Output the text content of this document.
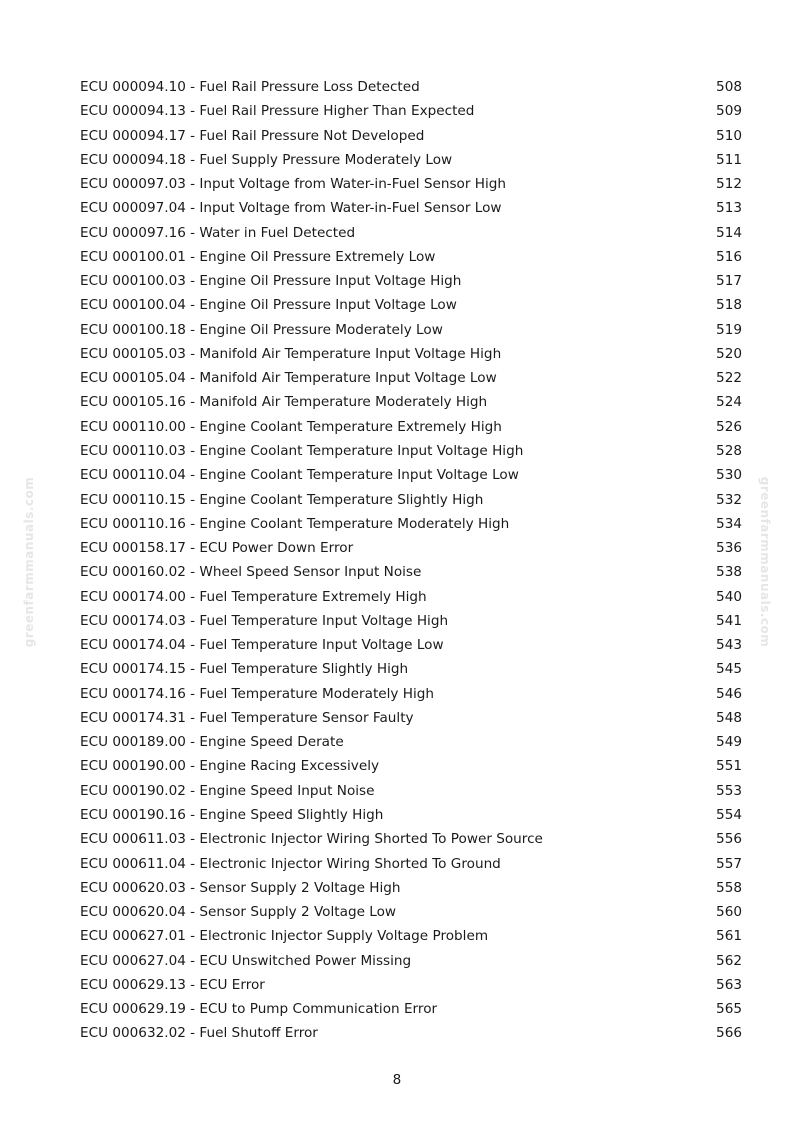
greenfarmmanuals.com	greenfarmmanuals.com
ECU 000094.10 - Fuel Rail Pressure Loss Detected	508
ECU 000094.13 - Fuel Rail Pressure Higher Than Expected	509
ECU 000094.17 - Fuel Rail Pressure Not Developed	510
ECU 000094.18 - Fuel Supply Pressure Moderately Low	511
ECU 000097.03 - Input Voltage from Water-in-Fuel Sensor High	512
ECU 000097.04 - Input Voltage from Water-in-Fuel Sensor Low	513
ECU 000097.16 - Water in Fuel Detected	514
ECU 000100.01 - Engine Oil Pressure Extremely Low	516
ECU 000100.03 - Engine Oil Pressure Input Voltage High	517
ECU 000100.04 - Engine Oil Pressure Input Voltage Low	518
ECU 000100.18 - Engine Oil Pressure Moderately Low	519
ECU 000105.03 - Manifold Air Temperature Input Voltage High	520
ECU 000105.04 - Manifold Air Temperature Input Voltage Low	522
ECU 000105.16 - Manifold Air Temperature Moderately High	524
ECU 000110.00 - Engine Coolant Temperature Extremely High	526
ECU 000110.03 - Engine Coolant Temperature Input Voltage High	528
ECU 000110.04 - Engine Coolant Temperature Input Voltage Low	530
ECU 000110.15 - Engine Coolant Temperature Slightly High	532
ECU 000110.16 - Engine Coolant Temperature Moderately High	534
ECU 000158.17 - ECU Power Down Error	536
ECU 000160.02 - Wheel Speed Sensor Input Noise	538
ECU 000174.00 - Fuel Temperature Extremely High	540
ECU 000174.03 - Fuel Temperature Input Voltage High	541
ECU 000174.04 - Fuel Temperature Input Voltage Low	543
ECU 000174.15 - Fuel Temperature Slightly High	545
ECU 000174.16 - Fuel Temperature Moderately High	546
ECU 000174.31 - Fuel Temperature Sensor Faulty	548
ECU 000189.00 - Engine Speed Derate	549
ECU 000190.00 - Engine Racing Excessively	551
ECU 000190.02 - Engine Speed Input Noise	553
ECU 000190.16 - Engine Speed Slightly High	554
ECU 000611.03 - Electronic Injector Wiring Shorted To Power Source	556
ECU 000611.04 - Electronic Injector Wiring Shorted To Ground	557
ECU 000620.03 - Sensor Supply 2 Voltage High	558
ECU 000620.04 - Sensor Supply 2 Voltage Low	560
ECU 000627.01 - Electronic Injector Supply Voltage Problem	561
ECU 000627.04 - ECU Unswitched Power Missing	562
ECU 000629.13 - ECU Error	563
ECU 000629.19 - ECU to Pump Communication Error	565
ECU 000632.02 - Fuel Shutoff Error	566
8
